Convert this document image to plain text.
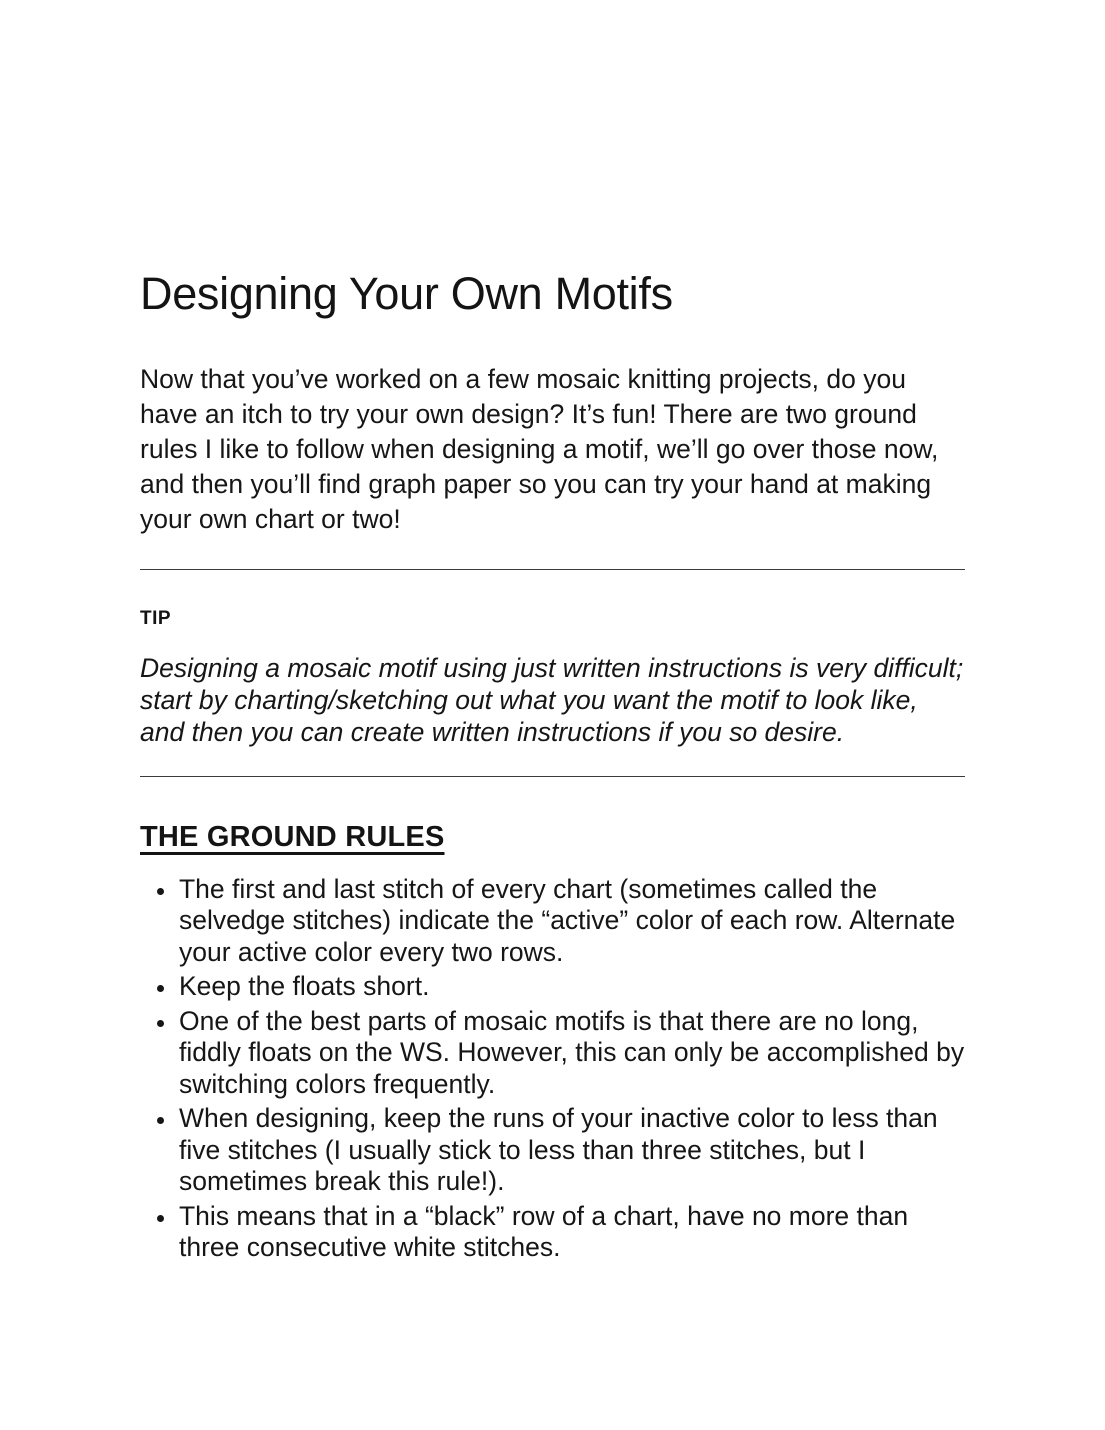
Designing Your Own Motifs

Now that you’ve worked on a few mosaic knitting projects, do you have an itch to try your own design? It’s fun! There are two ground rules I like to follow when designing a motif, we’ll go over those now, and then you’ll find graph paper so you can try your hand at making your own chart or two!

TIP

Designing a mosaic motif using just written instructions is very difficult; start by charting/sketching out what you want the motif to look like, and then you can create written instructions if you so desire.

THE GROUND RULES
• The first and last stitch of every chart (sometimes called the selvedge stitches) indicate the “active” color of each row. Alternate your active color every two rows.
• Keep the floats short.
• One of the best parts of mosaic motifs is that there are no long, fiddly floats on the WS. However, this can only be accomplished by switching colors frequently.
• When designing, keep the runs of your inactive color to less than five stitches (I usually stick to less than three stitches, but I sometimes break this rule!).
• This means that in a “black” row of a chart, have no more than three consecutive white stitches.
